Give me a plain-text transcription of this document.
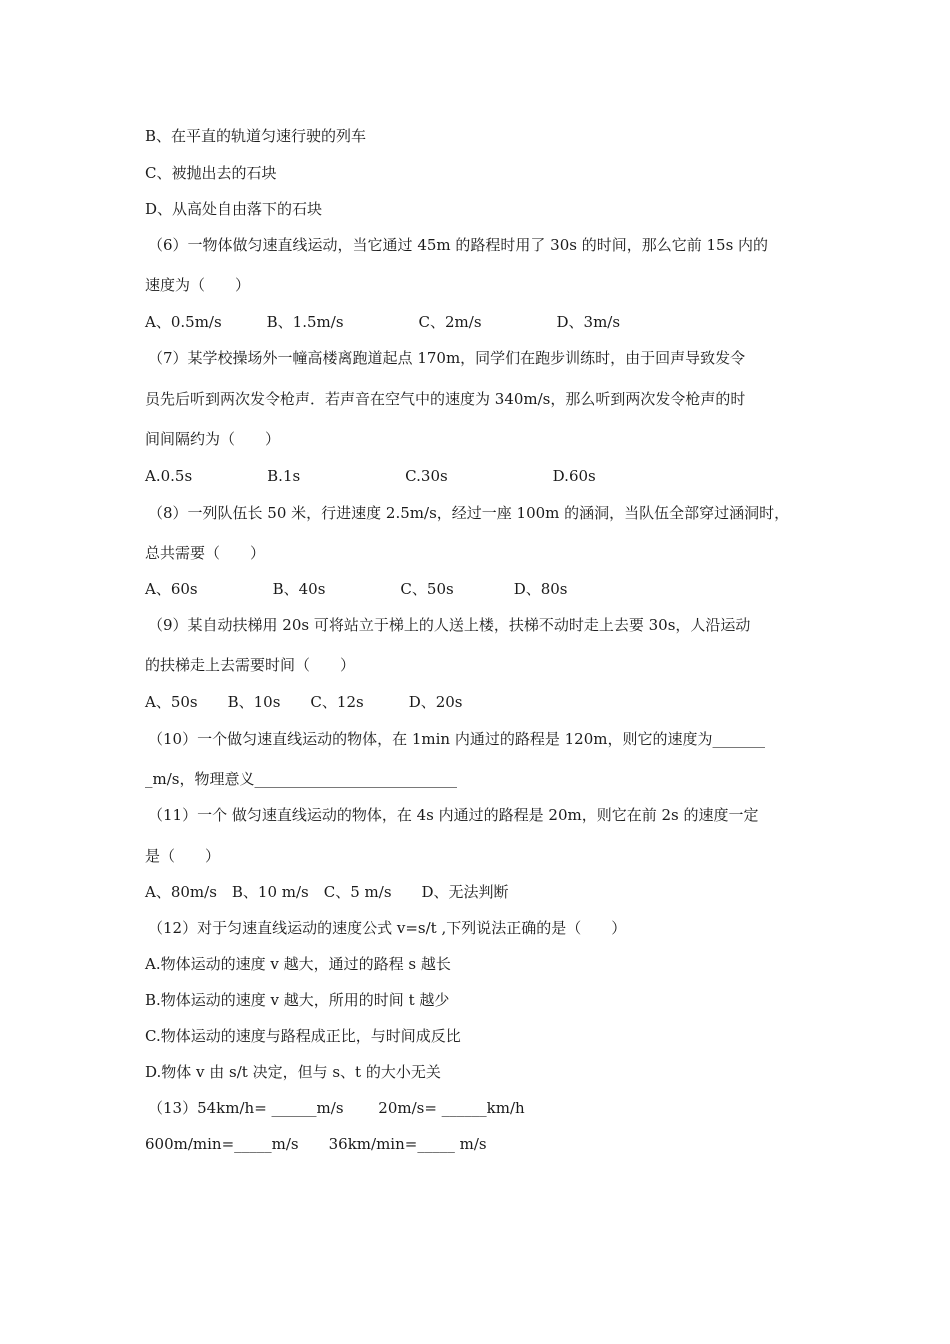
B、在平直的轨道匀速行驶的列车
C、被抛出去的石块
D、从高处自由落下的石块
（6）一物体做匀速直线运动，当它通过 45m 的路程时用了 30s 的时间，那么它前 15s 内的
速度为（　　）
A、0.5m/s　　　B、1.5m/s　　　　　C、2m/s　　　　　D、3m/s
（7）某学校操场外一幢高楼离跑道起点 170m，同学们在跑步训练时，由于回声导致发令
员先后听到两次发令枪声．若声音在空气中的速度为 340m/s，那么听到两次发令枪声的时
间间隔约为（　　）
A.0.5s　　　　　B.1s　　　　　　　C.30s　　　　　　　D.60s
（8）一列队伍长 50 米，行进速度 2.5m/s，经过一座 100m 的涵洞，当队伍全部穿过涵洞时，
总共需要（　　）
A、60s　　　　　B、40s　　　　　C、50s　　　　D、80s
（9）某自动扶梯用 20s 可将站立于梯上的人送上楼，扶梯不动时走上去要 30s，人沿运动
的扶梯走上去需要时间（　　）
A、50s　　B、10s　　C、12s　　　D、20s
（10）一个做匀速直线运动的物体，在 1min 内通过的路程是 120m，则它的速度为_______
_m/s，物理意义___________________________
（11）一个 做匀速直线运动的物体，在 4s 内通过的路程是 20m，则它在前 2s 的速度一定
是（　　）
A、80m/s　B、10 m/s　C、5 m/s　　D、无法判断
（12）对于匀速直线运动的速度公式 v=s/t ,下列说法正确的是（　　）
A.物体运动的速度 v 越大，通过的路程 s 越长
B.物体运动的速度 v 越大，所用的时间 t 越少
C.物体运动的速度与路程成正比，与时间成反比
D.物体 v 由 s/t 决定，但与 s、t 的大小无关
（13）54km/h= ______m/s　　 20m/s= ______km/h
600m/min=_____m/s　　36km/min=_____ m/s
